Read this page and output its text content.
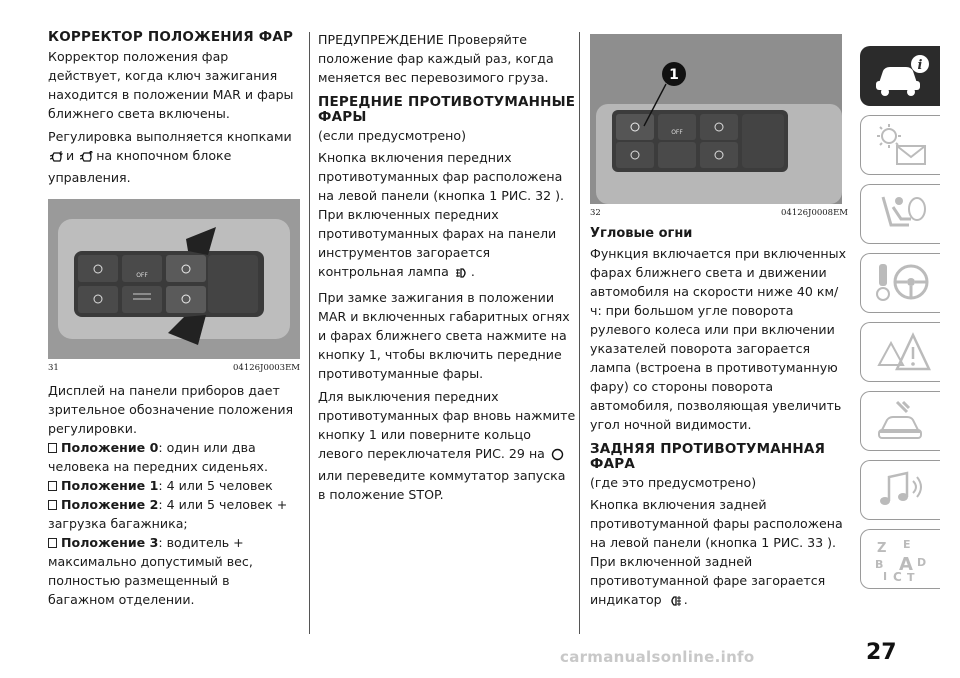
КОРРЕКТОР ПОЛОЖЕНИЯ ФАР

Корректор положения фар действует, когда ключ зажигания находится в положении MAR и фары ближнего света включены.

Регулировка выполняется кнопками
и на кнопочном блоке управления.

OFF
31	04126J0003EM

Дисплей на панели приборов дает зрительное обозначение положения регулировки.

Положение 0: один или два человека на передних сиденьях.
Положение 1: 4 или 5 человек
Положение 2: 4 или 5 человек + загрузка багажника;
Положение 3: водитель + максимально допустимый вес, полностью размещенный в багажном отделении.

ПРЕДУПРЕЖДЕНИЕ Проверяйте положение фар каждый раз, когда меняется вес перевозимого груза.

ПЕРЕДНИЕ ПРОТИВОТУМАННЫЕ ФАРЫ
(если предусмотрено)

Кнопка включения передних противотуманных фар расположена на левой панели (кнопка 1 РИС. 32 ). При включенных передних противотуманных фарах на панели инструментов загорается контрольная лампа .

При замке зажигания в положении MAR и включенных габаритных огнях и фарах ближнего света нажмите на кнопку 1, чтобы включить передние противотуманные фары.

Для выключения передних противотуманных фар вновь нажмите кнопку 1 или поверните кольцо левого переключателя РИС. 29 на или переведите коммутатор запуска в положение STOP.

OFF
1
32	04126J0008EM
Угловые огни

Функция включается при включенных фарах ближнего света и движении автомобиля на скорости ниже 40 км/ч: при большом угле поворота рулевого колеса или при включении указателей поворота загорается лампа (встроена в противотуманную фару) со стороны поворота автомобиля, позволяющая увеличить угол ночной видимости.

ЗАДНЯЯ ПРОТИВОТУМАННАЯ ФАРА
(где это предусмотрено)

Кнопка включения задней противотуманной фары расположена на левой панели (кнопка 1 РИС. 33 ). При включенной задней противотуманной фаре загорается индикатор .

i
Z E
B A D
I C T
27
carmanualsonline.info
